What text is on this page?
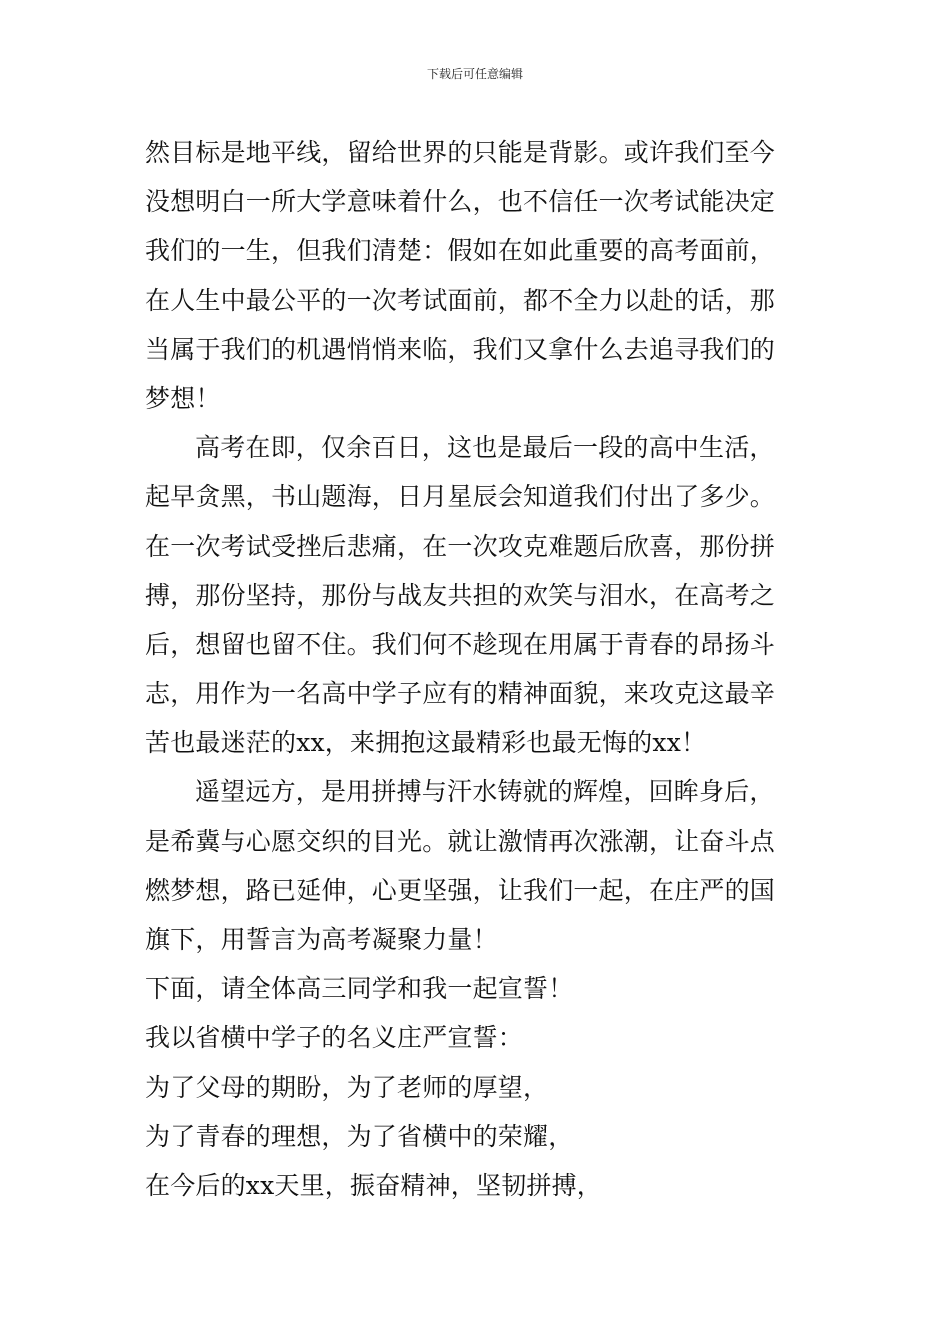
下载后可任意编辑
然目标是地平线，留给世界的只能是背影。或许我们至今
没想明白一所大学意味着什么，也不信任一次考试能决定
我们的一生，但我们清楚：假如在如此重要的高考面前，
在人生中最公平的一次考试面前，都不全力以赴的话，那
当属于我们的机遇悄悄来临，我们又拿什么去追寻我们的
梦想！
高考在即，仅余百日，这也是最后一段的高中生活，
起早贪黑，书山题海，日月星辰会知道我们付出了多少。
在一次考试受挫后悲痛，在一次攻克难题后欣喜，那份拼
搏，那份坚持，那份与战友共担的欢笑与泪水，在高考之
后，想留也留不住。我们何不趁现在用属于青春的昂扬斗
志，用作为一名高中学子应有的精神面貌，来攻克这最辛
苦也最迷茫的xx，来拥抱这最精彩也最无悔的xx！
遥望远方，是用拼搏与汗水铸就的辉煌，回眸身后，
是希冀与心愿交织的目光。就让激情再次涨潮，让奋斗点
燃梦想，路已延伸，心更坚强，让我们一起，在庄严的国
旗下，用誓言为高考凝聚力量！
下面，请全体高三同学和我一起宣誓！
我以省横中学子的名义庄严宣誓：
为了父母的期盼，为了老师的厚望，
为了青春的理想，为了省横中的荣耀，
在今后的xx天里，振奋精神，坚韧拼搏，
